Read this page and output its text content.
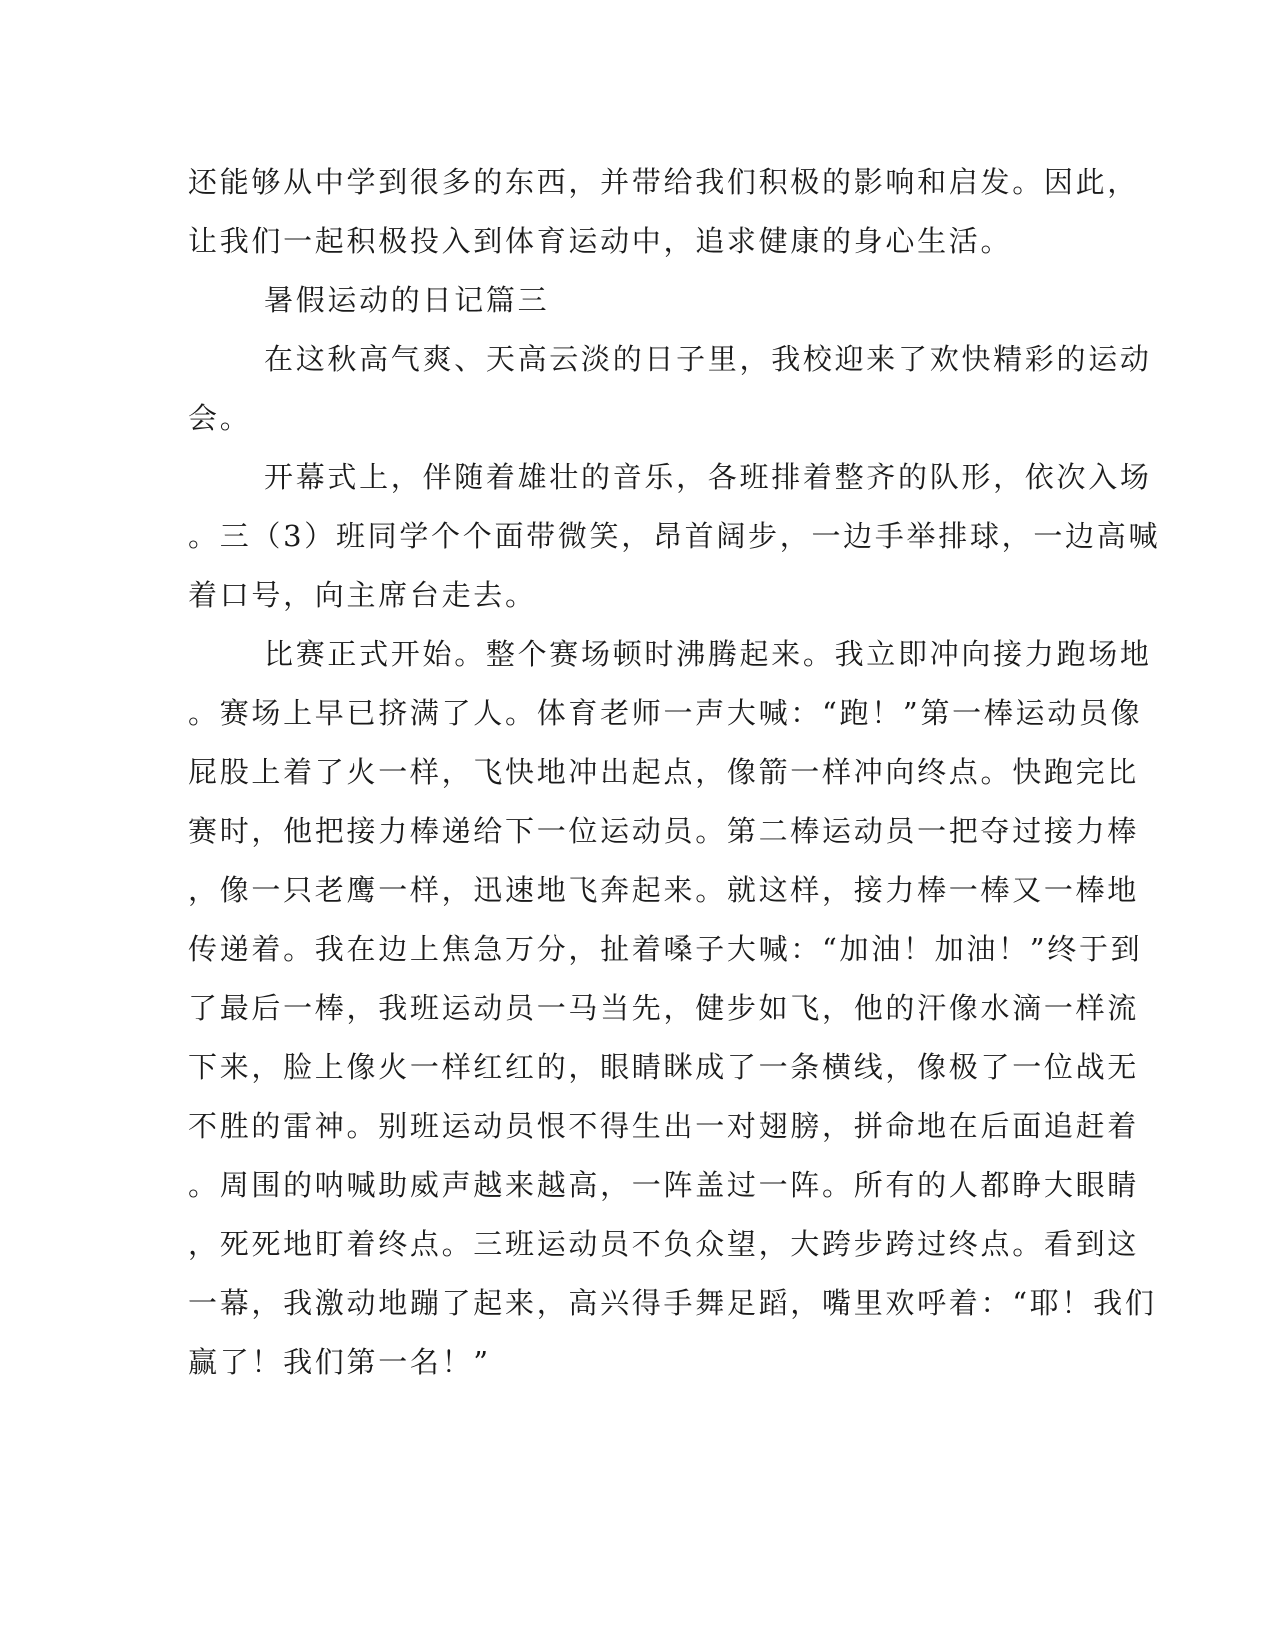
还能够从中学到很多的东西，并带给我们积极的影响和启发。因此，
让我们一起积极投入到体育运动中，追求健康的身心生活。
暑假运动的日记篇三
在这秋高气爽、天高云淡的日子里，我校迎来了欢快精彩的运动
会。
开幕式上，伴随着雄壮的音乐，各班排着整齐的队形，依次入场
。三（3）班同学个个面带微笑，昂首阔步，一边手举排球，一边高喊
着口号，向主席台走去。
比赛正式开始。整个赛场顿时沸腾起来。我立即冲向接力跑场地
。赛场上早已挤满了人。体育老师一声大喊：“跑！”第一棒运动员像
屁股上着了火一样，飞快地冲出起点，像箭一样冲向终点。快跑完比
赛时，他把接力棒递给下一位运动员。第二棒运动员一把夺过接力棒
，像一只老鹰一样，迅速地飞奔起来。就这样，接力棒一棒又一棒地
传递着。我在边上焦急万分，扯着嗓子大喊：“加油！加油！”终于到
了最后一棒，我班运动员一马当先，健步如飞，他的汗像水滴一样流
下来，脸上像火一样红红的，眼睛眯成了一条横线，像极了一位战无
不胜的雷神。别班运动员恨不得生出一对翅膀，拼命地在后面追赶着
。周围的呐喊助威声越来越高，一阵盖过一阵。所有的人都睁大眼睛
，死死地盯着终点。三班运动员不负众望，大跨步跨过终点。看到这
一幕，我激动地蹦了起来，高兴得手舞足蹈，嘴里欢呼着：“耶！我们
赢了！我们第一名！”
